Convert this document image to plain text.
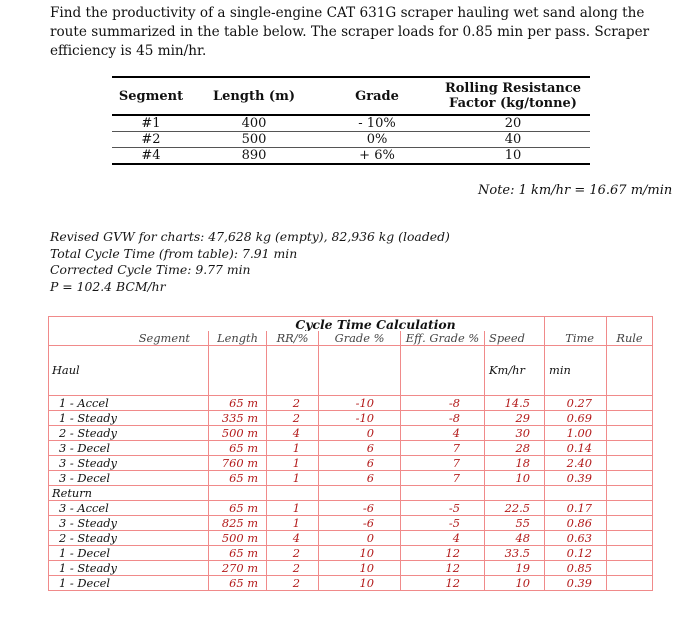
Find the productivity of a single-engine CAT 631G scraper hauling wet sand along the route summarized in the table below. The scraper loads for 0.85 min per pass. Scraper efficiency is 45 min/hr.

Segment	Length (m)	Grade	Rolling Resistance
Factor (kg/tonne)
#1	400	- 10%	20
#2	500	0%	40
#4	890	+ 6%	10
Note: 1 km/hr = 16.67 m/min
Revised GVW for charts: 47,628 kg (empty), 82,936 kg (loaded)
Total Cycle Time (from table): 7.91 min
Corrected Cycle Time: 9.77 min
P = 102.4 BCM/hr
		Cycle Time Calculation					
Segment	Length	RR/%	Grade %	Eff. Grade %	Speed	Time	Rule
Haul					Km/hr	min	
1 - Accel	65 m	2	-10	-8	14.5	0.27	
1 - Steady	335 m	2	-10	-8	29	0.69	
2 - Steady	500 m	4	0	4	30	1.00	
3 - Decel	65 m	1	6	7	28	0.14	
3 - Steady	760 m	1	6	7	18	2.40	
3 - Decel	65 m	1	6	7	10	0.39	
Return							
3 - Accel	65 m	1	-6	-5	22.5	0.17	
3 - Steady	825 m	1	-6	-5	55	0.86	
2 - Steady	500 m	4	0	4	48	0.63	
1 - Decel	65 m	2	10	12	33.5	0.12	
1 - Steady	270 m	2	10	12	19	0.85	
1 - Decel	65 m	2	10	12	10	0.39	
